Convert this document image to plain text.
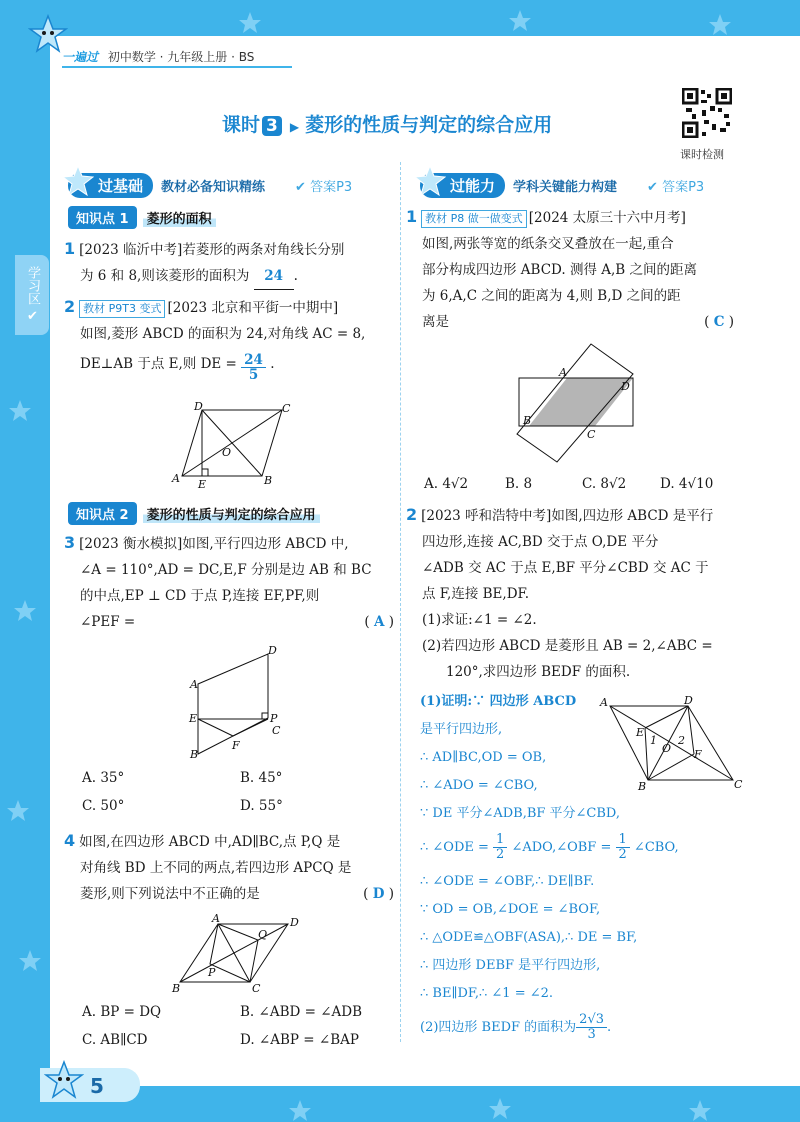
一遍过 初中数学 · 九年级上册 · BS
课时 3 ▶ 菱形的性质与判定的综合应用
课时检测
学习区 ✔
过基础	教材必备知识精练 ✔ 答案P3	过能力	学科关键能力构建 ✔ 答案P3
知识点 1	菱形的面积
1 [2023 临沂中考]若菱形的两条对角线长分别
为 6 和 8,则该菱形的面积为 24 .
2 教材 P9T3 变式 [2023 北京和平街一中期中]
如图,菱形 ABCD 的面积为 24,对角线 AC = 8,
DE⊥AB 于点 E,则 DE = $\frac{24}{5}$ .
A E	B
C
D
O
知识点 2	菱形的性质与判定的综合应用
3 [2023 衡水模拟]如图,平行四边形 ABCD 中,
∠A = 110°,AD = DC,E,F 分别是边 AB 和 BC
的中点,EP ⊥ CD 于点 P,连接 EF,PF,则
∠PEF =	( A )
A
D
E	P
C
F
B
A. 35°	B. 45°
C. 50°	D. 55°
4 如图,在四边形 ABCD 中,AD∥BC,点 P,Q 是
对角线 BD 上不同的两点,若四边形 APCQ 是
菱形,则下列说法中不正确的是	( D )
A	D
B	C
P
Q
A. BP = DQ	B. ∠ABD = ∠ADB
C. AB∥CD	D. ∠ABP = ∠BAP
1 教材 P8 做一做变式 [2024 太原三十六中月考]
如图,两张等宽的纸条交叉叠放在一起,重合
部分构成四边形 ABCD. 测得 A,B 之间的距离
为 6,A,C 之间的距离为 4,则 B,D 之间的距
离是	( C )
A
D
B
C
A. 4√2	B. 8	C. 8√2	D. 4√10
2 [2023 呼和浩特中考]如图,四边形 ABCD 是平行
四边形,连接 AC,BD 交于点 O,DE 平分
∠ADB 交 AC 于点 E,BF 平分∠CBD 交 AC 于
点 F,连接 BE,DF.
(1)求证:∠1 = ∠2.
(2)若四边形 ABCD 是菱形且 AB = 2,∠ABC =
120°,求四边形 BEDF 的面积.
(1)证明:∵ 四边形 ABCD
是平行四边形,
∴ AD∥BC,OD = OB,
∴ ∠ADO = ∠CBO,
∵ DE 平分∠ADB,BF 平分∠CBD,
∴ ∠ODE = $\frac{1}{2}$ ∠ADO,∠OBF = $\frac{1}{2}$ ∠CBO,
∴ ∠ODE = ∠OBF,∴ DE∥BF.
∵ OD = OB,∠DOE = ∠BOF,
∴ △ODE≌△OBF(ASA),∴ DE = BF,
∴ 四边形 DEBF 是平行四边形,
∴ BE∥DF,∴ ∠1 = ∠2.
(2)四边形 BEDF 的面积为 $\frac{2√3}{3}$ .
A	D
B	C
E
F
O
1 2
5
